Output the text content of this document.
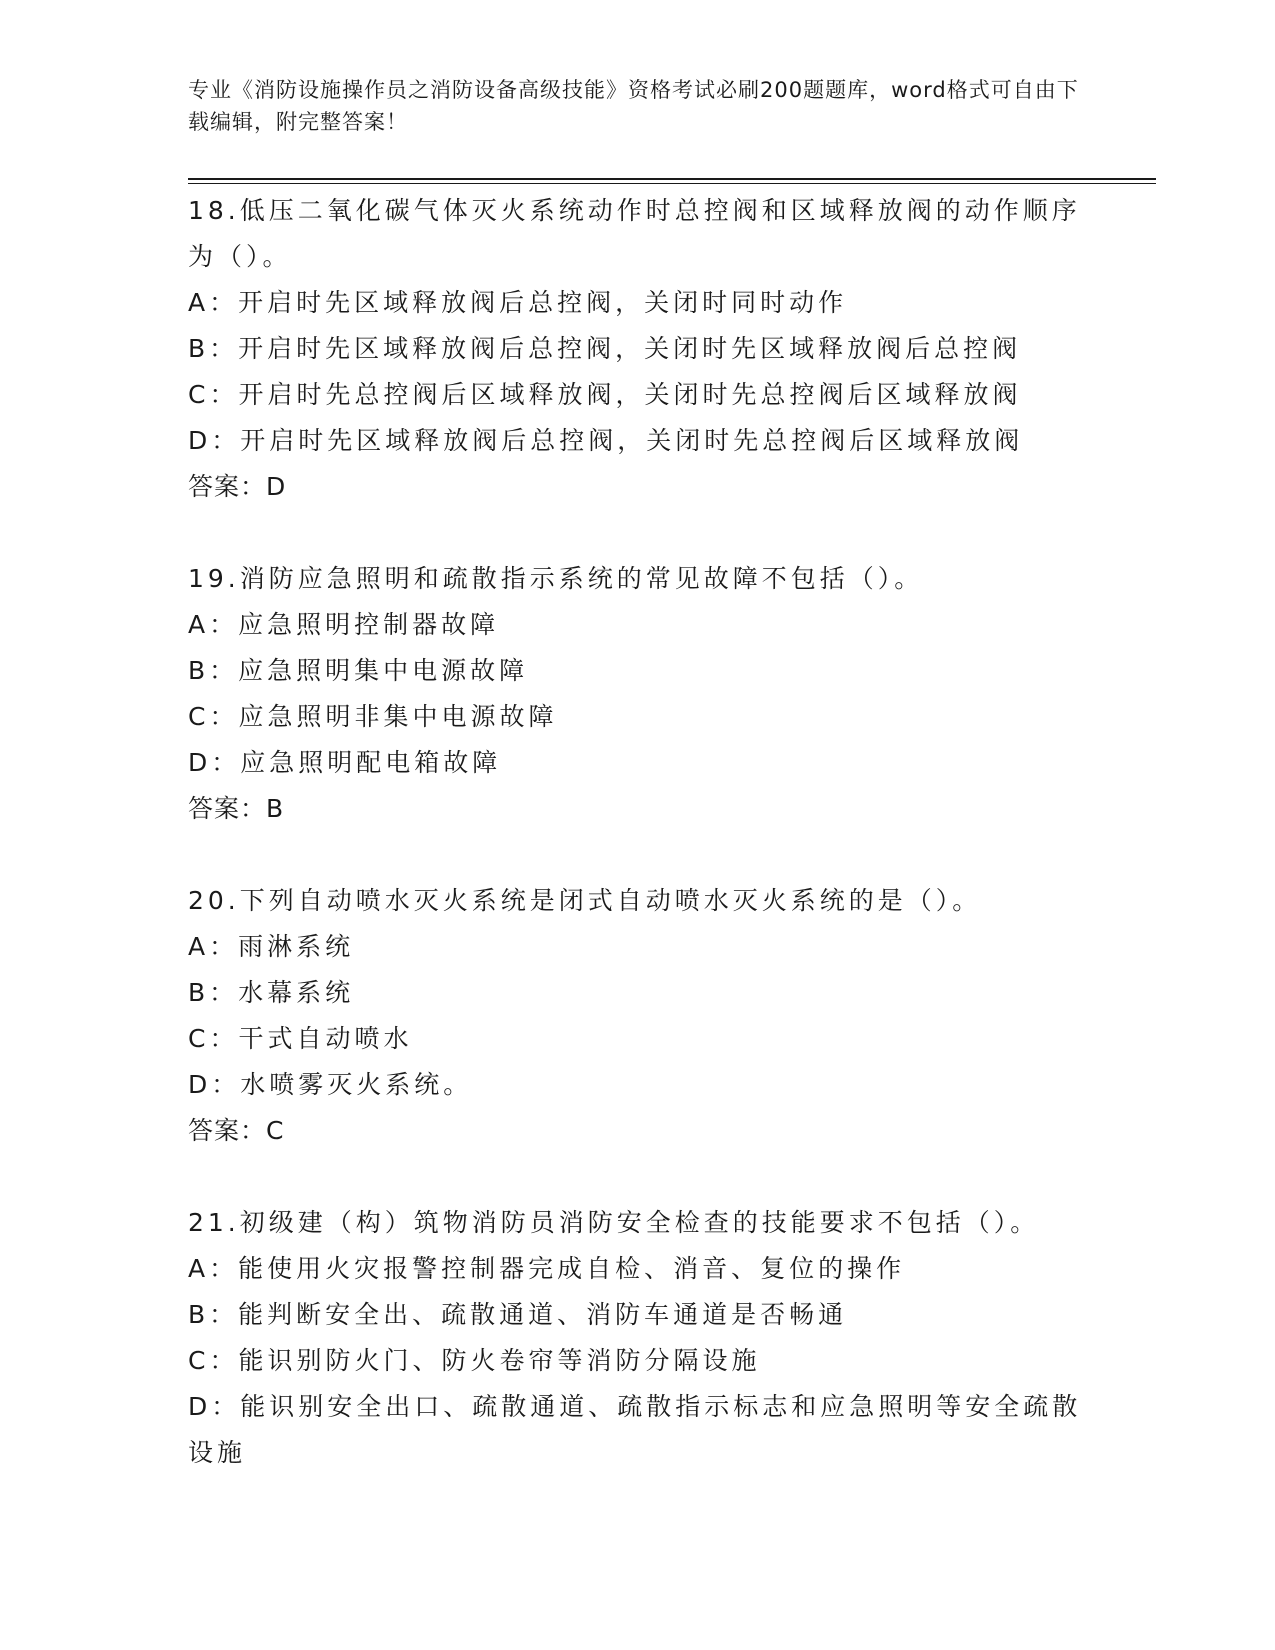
专业《消防设施操作员之消防设备高级技能》资格考试必刷200题题库，word格式可自由下载编辑，附完整答案！
18.低压二氧化碳气体灭火系统动作时总控阀和区域释放阀的动作顺序为（）。
A：开启时先区域释放阀后总控阀，关闭时同时动作
B：开启时先区域释放阀后总控阀，关闭时先区域释放阀后总控阀
C：开启时先总控阀后区域释放阀，关闭时先总控阀后区域释放阀
D：开启时先区域释放阀后总控阀，关闭时先总控阀后区域释放阀
答案：D
19.消防应急照明和疏散指示系统的常见故障不包括（）。
A：应急照明控制器故障
B：应急照明集中电源故障
C：应急照明非集中电源故障
D：应急照明配电箱故障
答案：B
20.下列自动喷水灭火系统是闭式自动喷水灭火系统的是（）。
A：雨淋系统
B：水幕系统
C：干式自动喷水
D：水喷雾灭火系统。
答案：C
21.初级建（构）筑物消防员消防安全检查的技能要求不包括（）。
A：能使用火灾报警控制器完成自检、消音、复位的操作
B：能判断安全出、疏散通道、消防车通道是否畅通
C：能识别防火门、防火卷帘等消防分隔设施
D：能识别安全出口、疏散通道、疏散指示标志和应急照明等安全疏散设施
